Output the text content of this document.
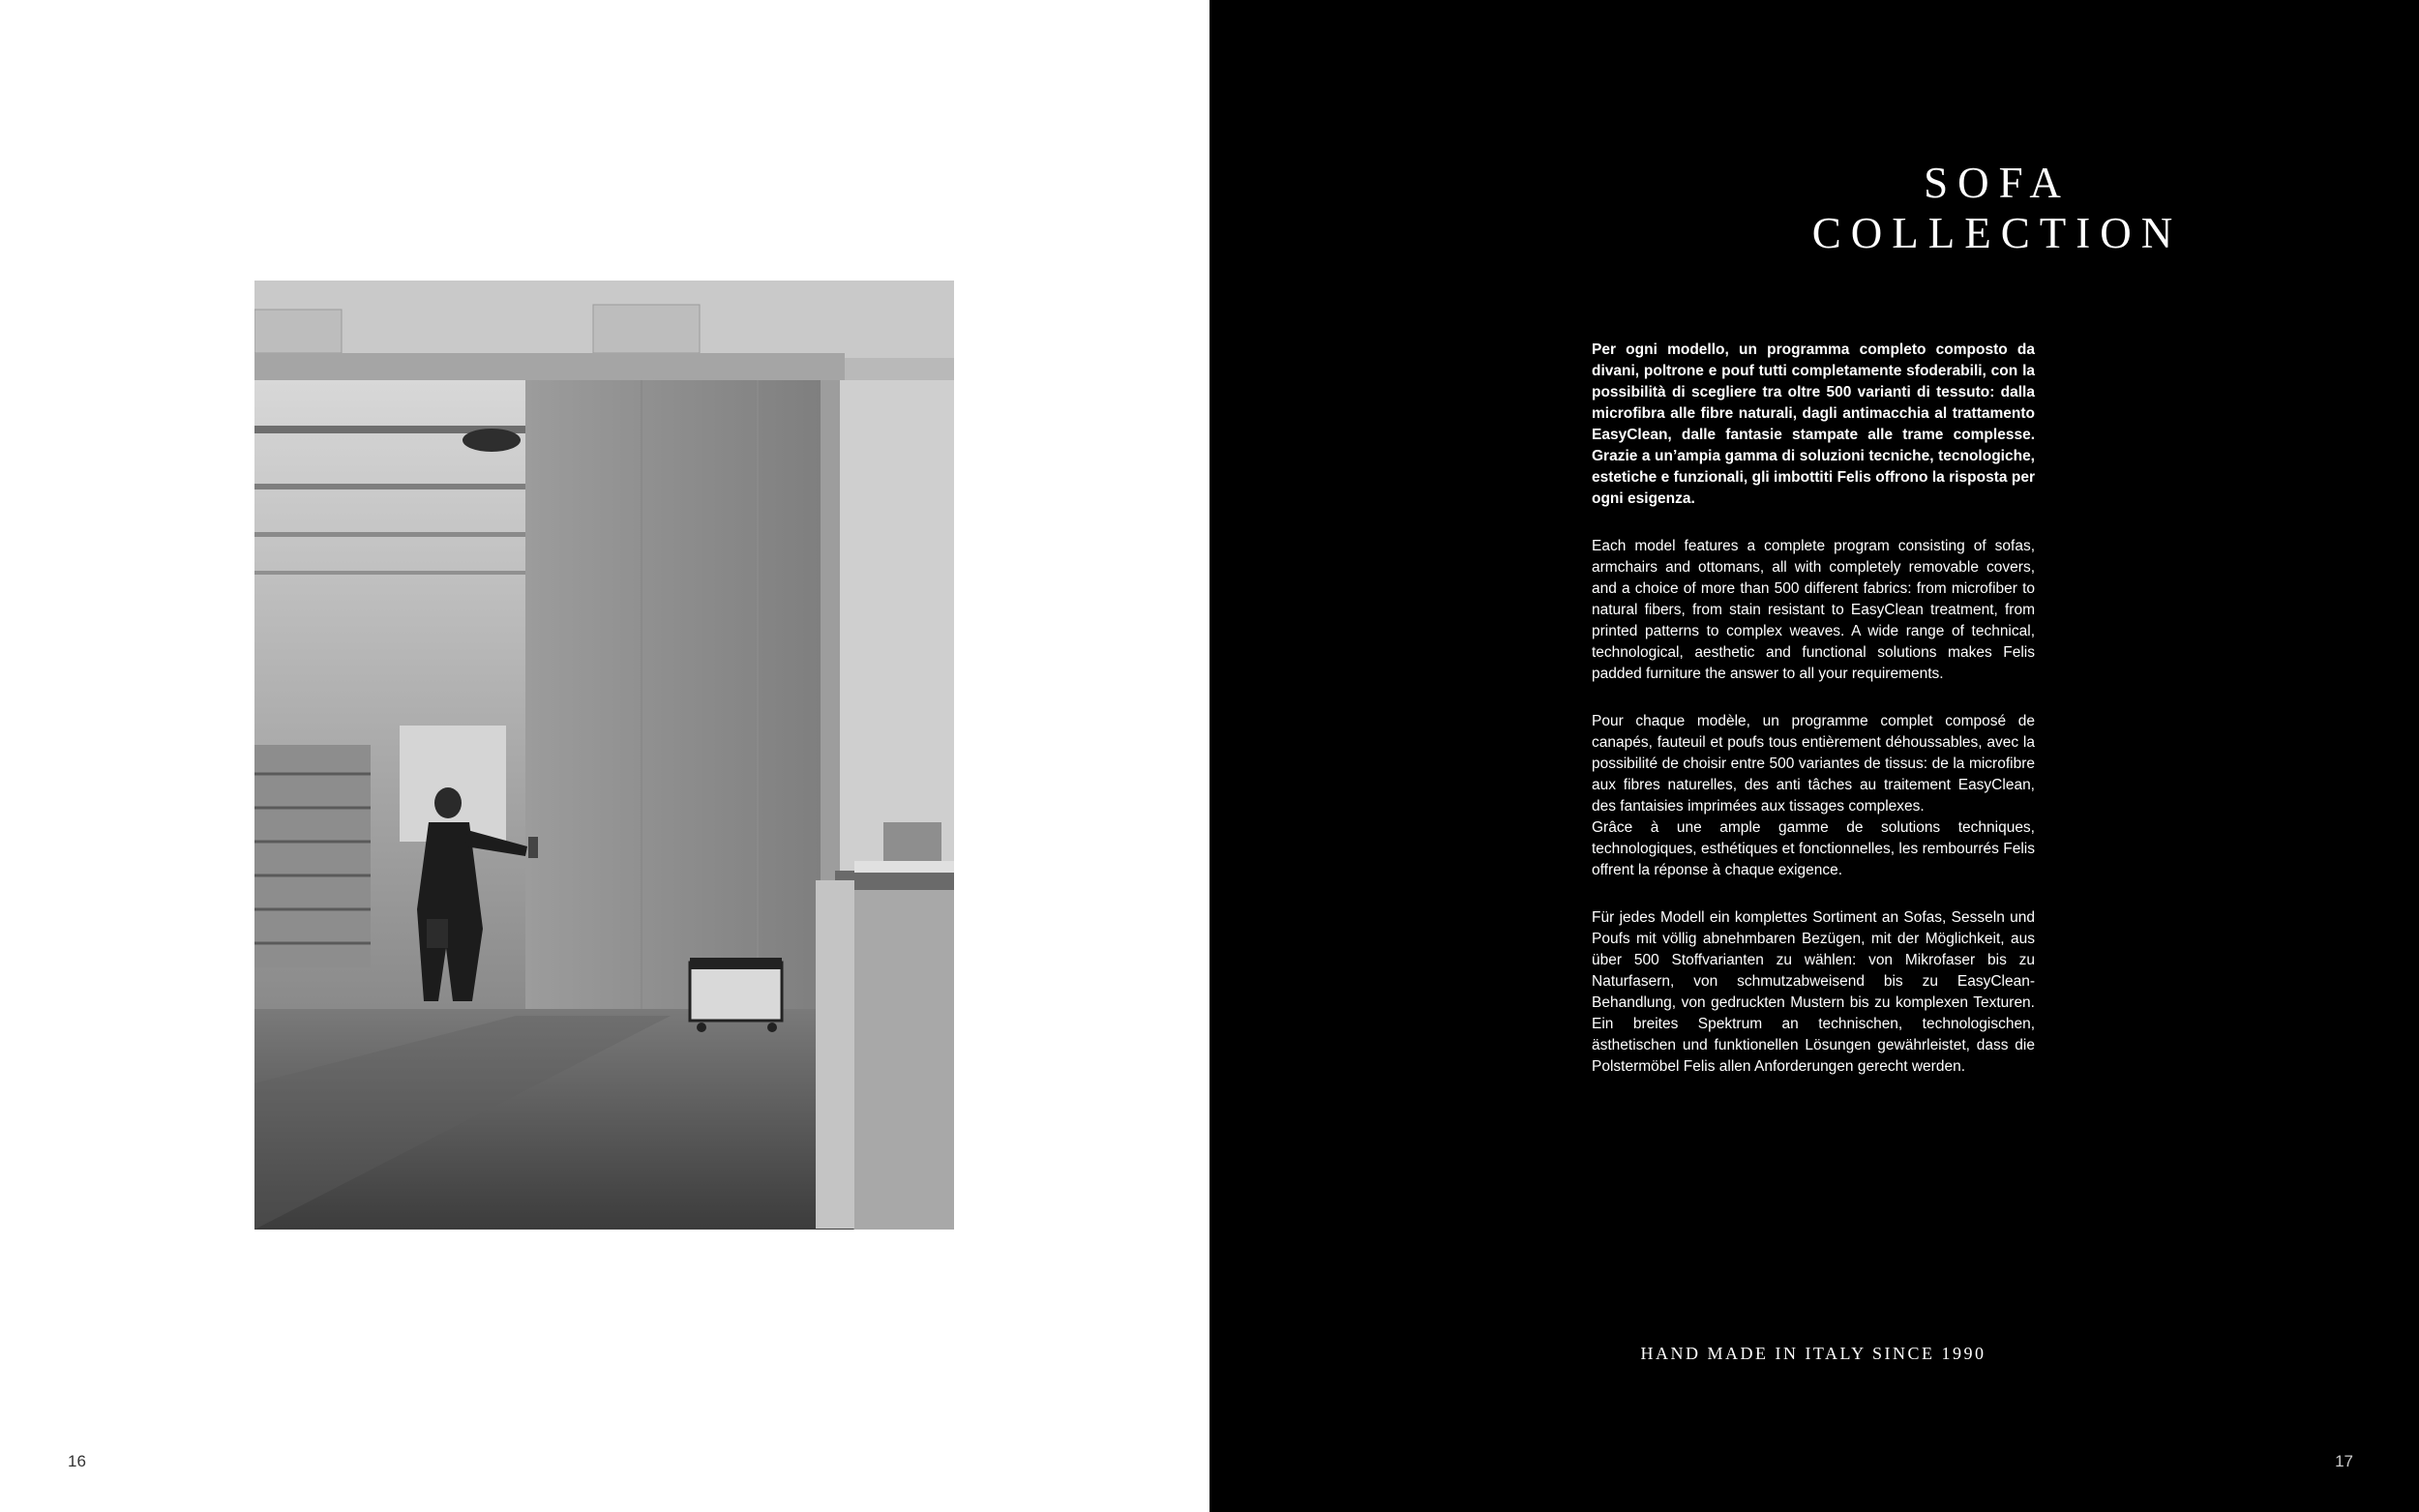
16
SOFA COLLECTION

Per ogni modello, un programma completo composto da divani, poltrone e pouf tutti completamente sfoderabili, con la possibilità di scegliere tra oltre 500 varianti di tessuto: dalla microfibra alle fibre naturali, dagli antimacchia al trattamento EasyClean, dalle fantasie stampate alle trame complesse. Grazie a un’ampia gamma di soluzioni tecniche, tecnologiche, estetiche e funzionali, gli imbottiti Felis offrono la risposta per ogni esigenza.

Each model features a complete program consisting of sofas, armchairs and ottomans, all with completely removable covers, and a choice of more than 500 different fabrics: from microfiber to natural fibers, from stain resistant to EasyClean treatment, from printed patterns to complex weaves. A wide range of technical, technological, aesthetic and functional solutions makes Felis padded furniture the answer to all your requirements.

Pour chaque modèle, un programme complet composé de canapés, fauteuil et poufs tous entièrement déhoussables, avec la possibilité de choisir entre 500 variantes de tissus: de la microfibre aux fibres naturelles, des anti tâches au traitement EasyClean, des fantaisies imprimées aux tissages complexes.
Grâce à une ample gamme de solutions techniques, technologiques, esthétiques et fonctionnelles, les rembourrés Felis offrent la réponse à chaque exigence.

Für jedes Modell ein komplettes Sortiment an Sofas, Sesseln und Poufs mit völlig abnehmbaren Bezügen, mit der Möglichkeit, aus über 500 Stoffvarianten zu wählen: von Mikrofaser bis zu Naturfasern, von schmutzabweisend bis zu EasyClean-Behandlung, von gedruckten Mustern bis zu komplexen Texturen. Ein breites Spektrum an technischen, technologischen, ästhetischen und funktionellen Lösungen gewährleistet, dass die Polstermöbel Felis allen Anforderungen gerecht werden.

HAND MADE IN ITALY SINCE 1990
17
